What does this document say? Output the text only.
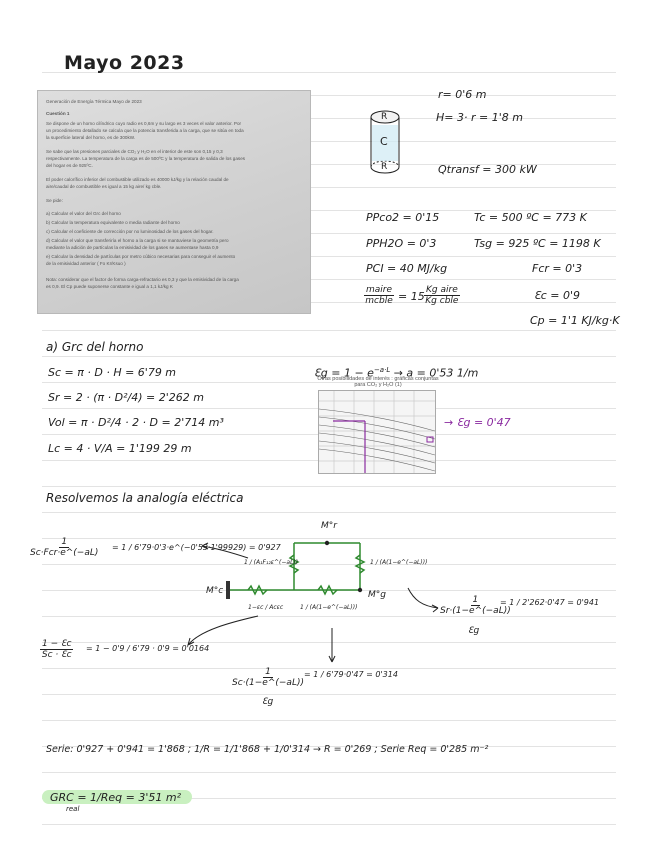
Mayo 2023
Generación de Energía Térmica Mayo de 2023
Cuestión 1
Se dispone de un horno cilíndrico cuyo radio es 0,6m y su largo es 3 veces el valor anterior. Por
un procedimiento detallado se calcula que la potencia transferida a la carga, que se sitúa en toda
la superficie lateral del horno, es de 300kW.
Se sabe que las presiones parciales de CO₂ y H₂O en el interior de este son 0,15 y 0,3
respectivamente. La temperatura de la carga es de 500ºC y la temperatura de salida de los gases
del hogar es de 925ºC.
El poder calorífico inferior del combustible utilizado es 40000 kJ/kg y la relación caudal de
aire/caudal de combustible es igual a 15 kg aire/ kg cble.
Se pide:
a) Calcular el valor del Grc del horno
b) Calcular la temperatura equivalente o media radiante del horno
c) Calcular el coeficiente de corrección por no luminosidad de los gases del hogar.
d) Calcular el valor que transferiría el horno a la carga si se mantuviese la geometría pero
mediante la adición de partículas la emisividad de los gases se aumentase hasta 0,9
e) Calcular la densidad de partículas por metro cúbico necesarias para conseguir el aumento
de la emisividad anterior ( Fo Kr/Ksuo )
Nota: considerar que el factor de forma carga-refractario es 0,3 y que la emisividad de la carga
es 0,9. El Cp puede suponerse constante e igual a 1,1 kJ/kg K
R
C
R
r= 0'6 m
H= 3· r = 1'8 m
Qtransf = 300 kW
PPco2 = 0'15
PPH2O = 0'3
PCI = 40 MJ/kg
maire
mcble = 15 Kg aire
Kg cble
Tc = 500 ºC = 773 K
Tsg = 925 ºC = 1198 K
Fcr = 0'3
Ɛc = 0'9
Cp = 1'1 KJ/kg·K
a) Grc del horno
Sc = π · D · H = 6'79 m
Sr = 2 · (π · D²/4) = 2'262 m
Vol = π · D²/4 · 2 · D = 2'714 m³
Lc = 4 · V/A = 1'199 29 m
Ɛg = $1 - e^{-a\cdot L} \to a = 0'53$ 1/m
Otras posibilidades de interés : gráficas conjuntas para CO₂ y H₂O (1)
→ Ɛg = 0'47
Resolvemos la analogía eléctrica
M°r
M°c	M°g
1 / (A₁F₁₂ε^(−aL))	1 / (A(1−e^(−aL)))
1−εc / Acεc	1 / (A(1−e^(−aL)))
1
Sc·Fcr·e^(−aL)
= 1 / 6'79·0'3·e^(−0'53·1'99929) = 0'927
$\frac{1}{Sr\cdot(1-e\^{}(-aL))}$
= 1 / 2'262·0'47 = 0'941
Ɛg
$\frac{1 - Ɛc}{Sc \cdot Ɛc} = 1 - 0'9 / 6'79 \cdot 0'9 = 0'0164$
$\frac{1}{Sc\cdot(1-e\^{}(-aL))} = 1 / 6'79\cdot 0'47 = 0'314$
Ɛg
Serie: 0'927 + 0'941 = 1'868 ; 1/R = 1/1'868 + 1/0'314 → R = 0'269 ; Serie Req = 0'285 m⁻²
GRC = 1/Req = 3'51 m²
real
